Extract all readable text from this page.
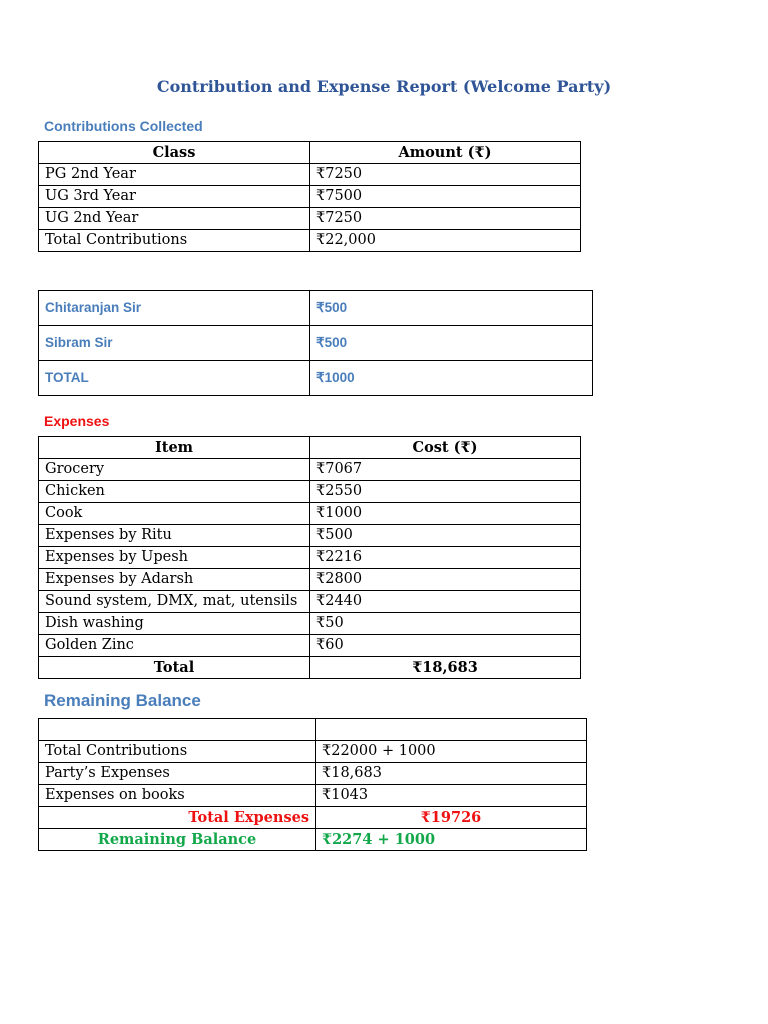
Contribution and Expense Report (Welcome Party)
Contributions Collected
Class	Amount (₹)
PG 2nd Year	₹7250
UG 3rd Year	₹7500
UG 2nd Year	₹7250
Total Contributions	₹22,000
Chitaranjan Sir	₹500
Sibram Sir	₹500
TOTAL	₹1000
Expenses
Item	Cost (₹)
Grocery	₹7067
Chicken	₹2550
Cook	₹1000
Expenses by Ritu	₹500
Expenses by Upesh	₹2216
Expenses by Adarsh	₹2800
Sound system, DMX, mat, utensils	₹2440
Dish washing	₹50
Golden Zinc	₹60
Total	₹18,683
Remaining Balance

Total Contributions	₹22000 + 1000
Party’s Expenses	₹18,683
Expenses on books	₹1043
Total Expenses	₹19726
Remaining Balance	₹2274 + 1000
